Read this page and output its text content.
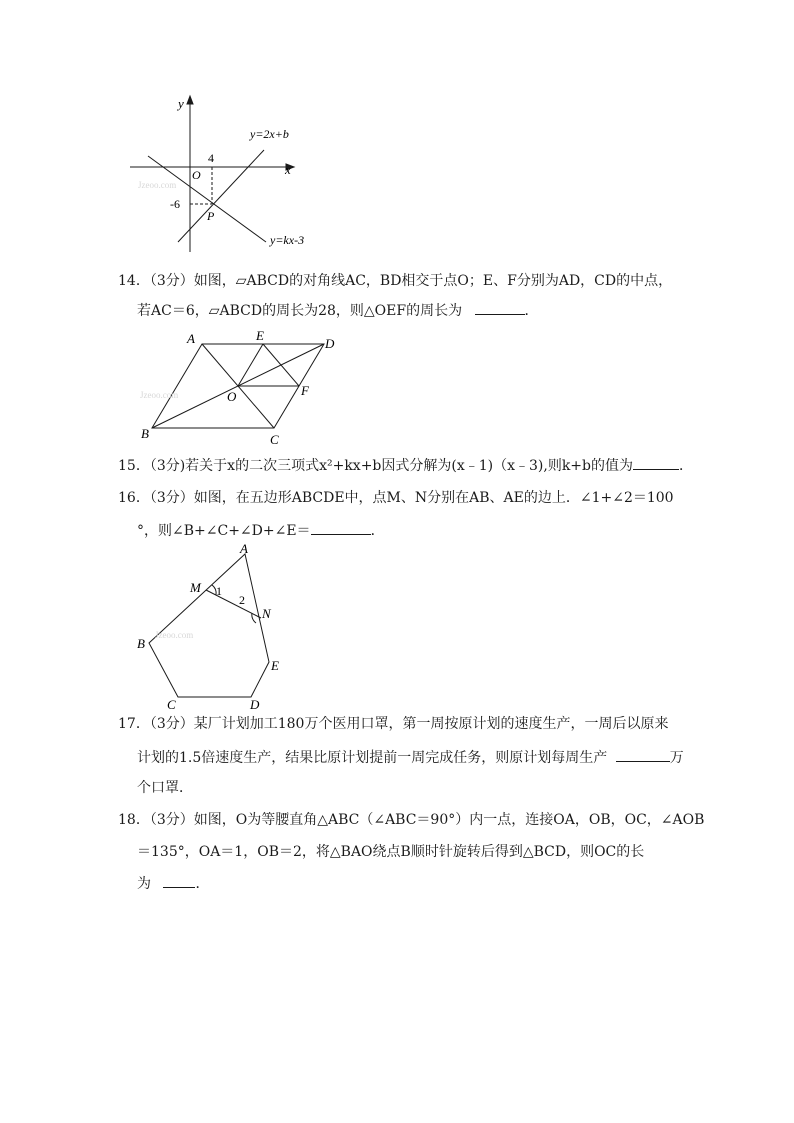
Jzeoo.com
y
x
O
4
-6
P
y=2x+b
y=kx-3
14．（3分）如图，▱ABCD的对角线AC，BD相交于点O；E、F分别为AD，CD的中点，
若AC＝6，▱ABCD的周长为28，则△OEF的周长为	．
Jzeoo.com
A	E
D
F
O
B	C
15．（3分)若关于x的二次三项式x²+kx+b因式分解为(x﹣1)（x﹣3),则k+b的值为	．
16．（3分）如图，在五边形ABCDE中，点M、N分别在AB、AE的边上．∠1+∠2＝100
°，则∠B+∠C+∠D+∠E＝	．
Jzeoo.com
A
M 1
2
N
B
E
C	D
17．（3分）某厂计划加工180万个医用口罩，第一周按原计划的速度生产，一周后以原来
计划的1.5倍速度生产，结果比原计划提前一周完成任务，则原计划每周生产	万
个口罩．
18．（3分）如图，O为等腰直角△ABC（∠ABC＝90°）内一点，连接OA，OB，OC，∠AOB
＝135°，OA＝1，OB＝2，将△BAO绕点B顺时针旋转后得到△BCD，则OC的长
为	．
